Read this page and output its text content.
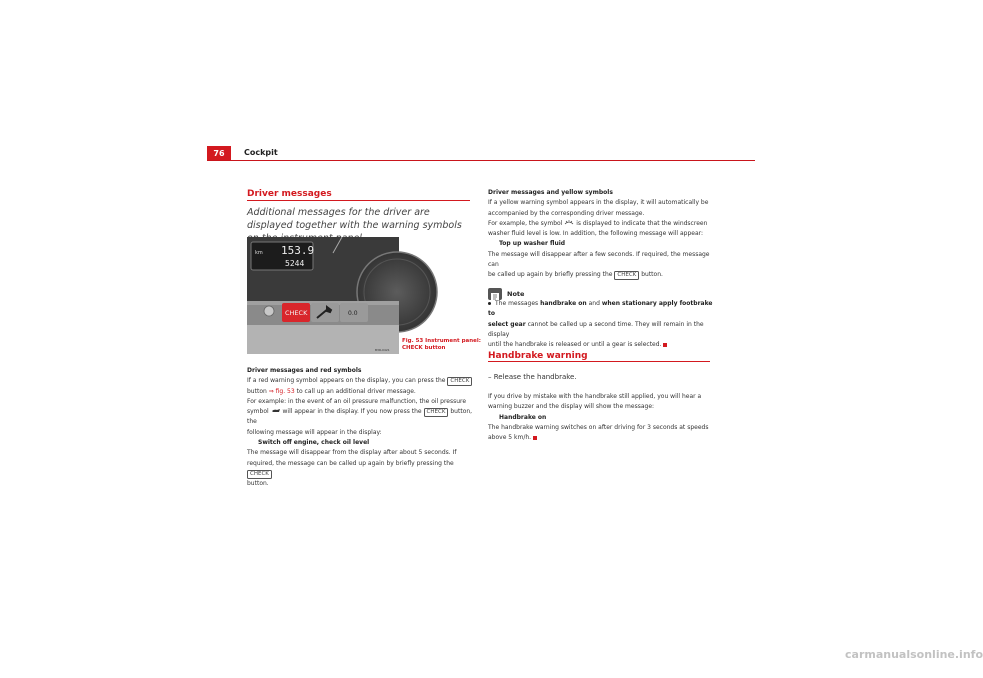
76	Cockpit
Driver messages
Additional messages for the driver are displayed together with the warning symbols
km 153.9
5244
CHECK	0.0
B3R-0421
Fig. 53 Instrument panel:
CHECK button
Driver messages and red symbols
If a red warning symbol appears on the display, you can press the CHECK
button ⇒ fig. 53 to call up an additional driver message.
For example: in the event of an oil pressure malfunction, the oil pressure
symbol will appear in the display. If you now press the CHECK button, the
following message will appear in the display:
Switch off engine, check oil level
The message will disappear from the display after about 5 seconds. If
required, the message can be called up again by briefly pressing the CHECK
button.
Driver messages and yellow symbols
If a yellow warning symbol appears in the display, it will automatically be
accompanied by the corresponding driver message.
For example, the symbol is displayed to indicate that the windscreen
washer fluid level is low. In addition, the following message will appear:
Top up washer fluid
The message will disappear after a few seconds. If required, the message can
be called up again by briefly pressing the CHECK button.
Note
The messages handbrake on and when stationary apply footbrake to
select gear cannot be called up a second time. They will remain in the display
until the handbrake is released or until a gear is selected.
Handbrake warning
– Release the handbrake.
If you drive by mistake with the handbrake still applied, you will hear a
warning buzzer and the display will show the message:
Handbrake on
The handbrake warning switches on after driving for 3 seconds at speeds
above 5 km/h.
carmanualsonline.info
